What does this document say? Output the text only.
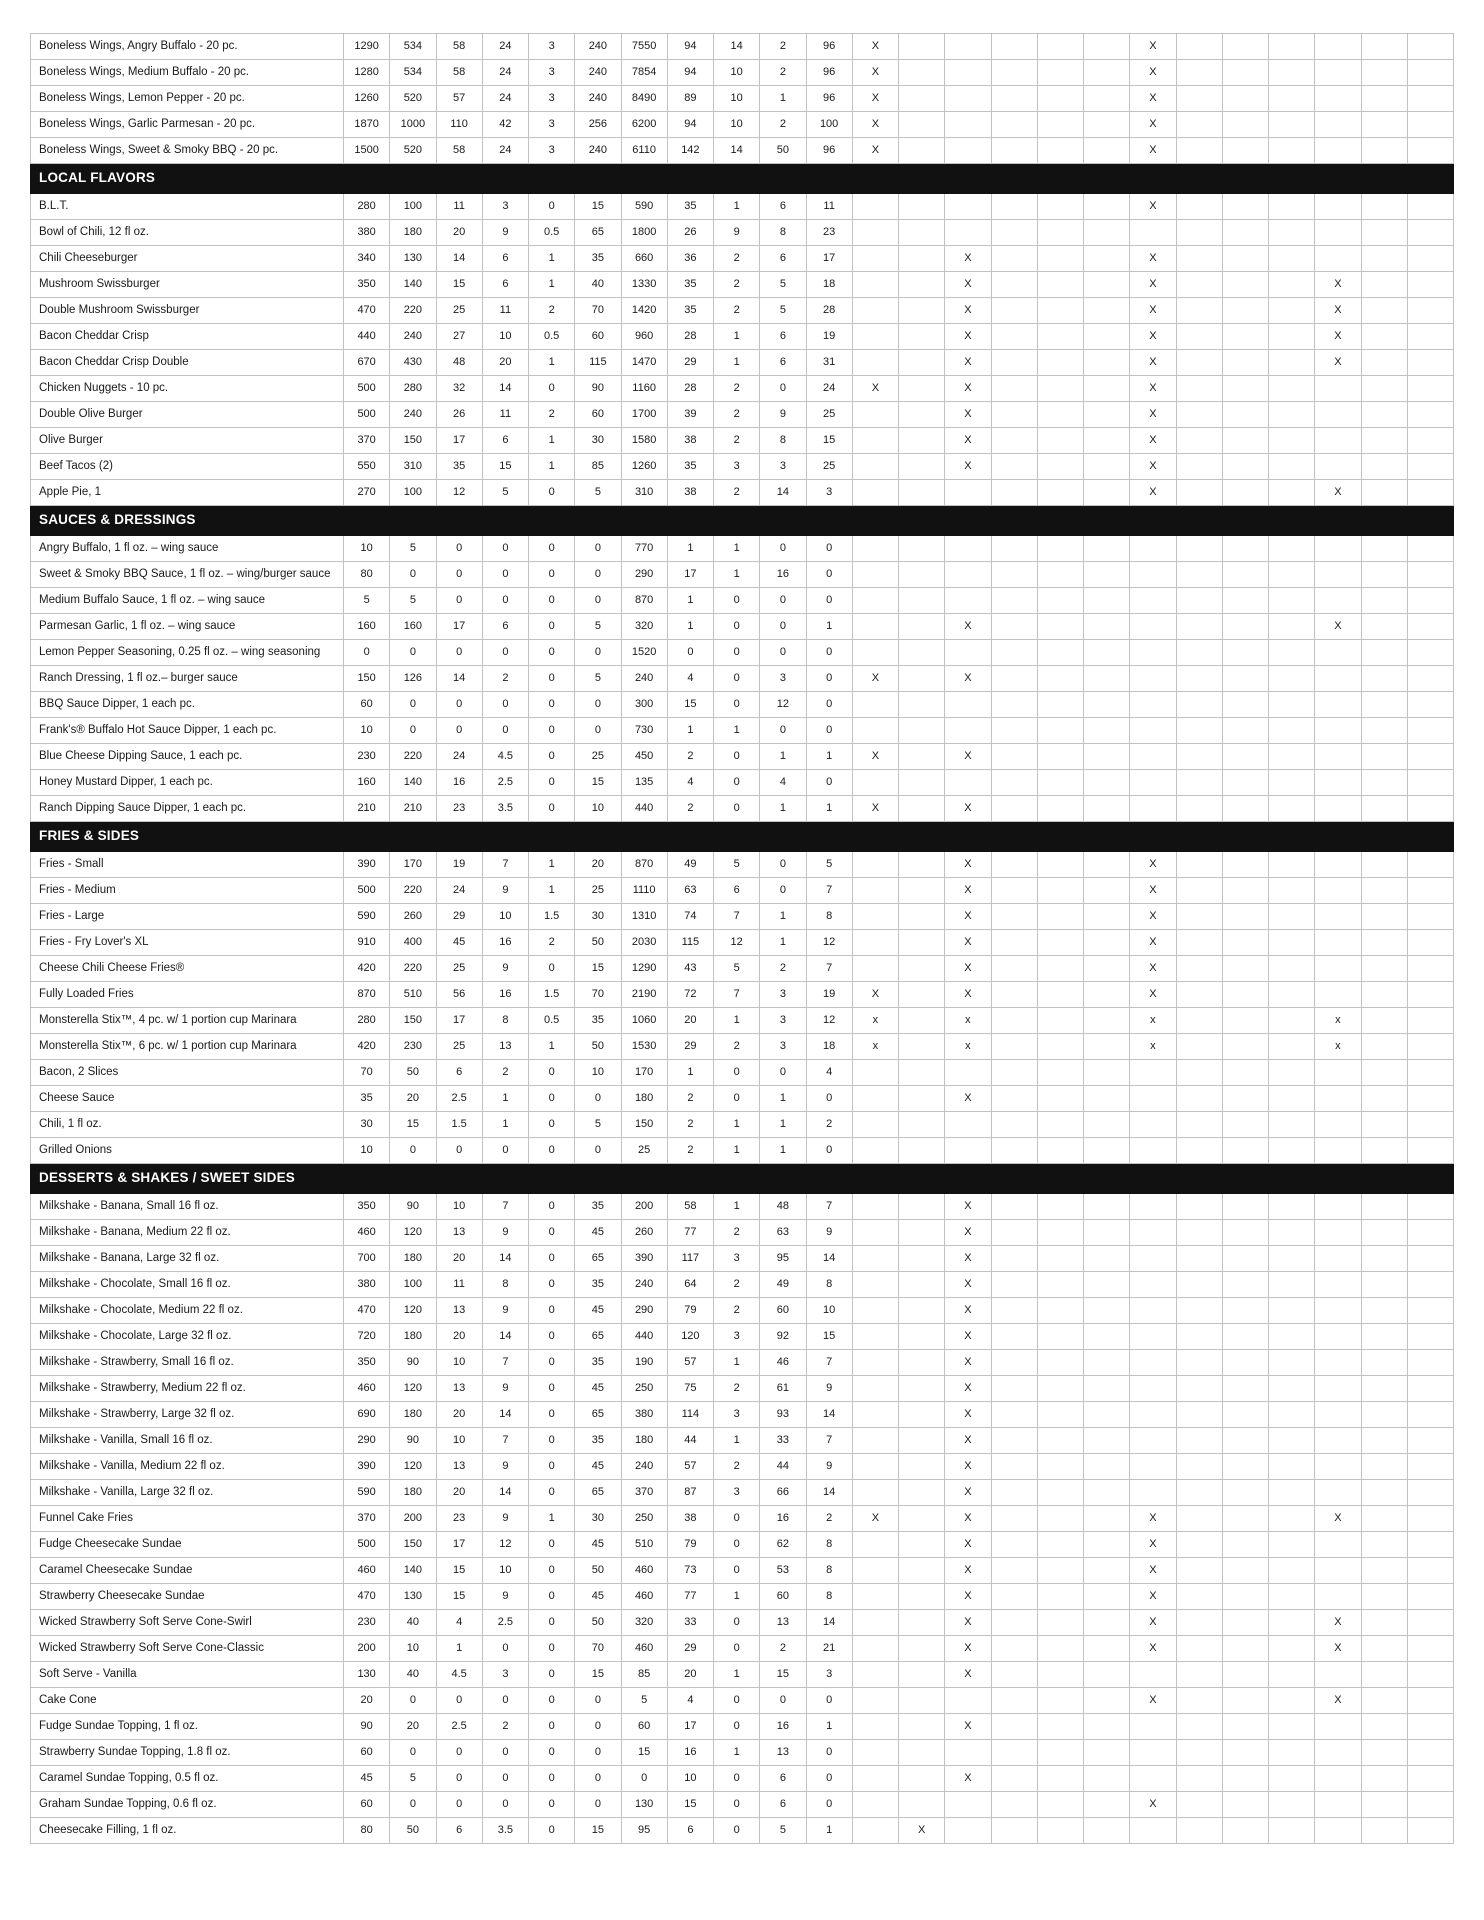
Boneless Wings, Angry Buffalo - 20 pc.	1290	534	58	24	3	240	7550	94	14	2	96	X						X						
Boneless Wings, Medium Buffalo - 20 pc.	1280	534	58	24	3	240	7854	94	10	2	96	X						X						
Boneless Wings, Lemon Pepper - 20 pc.	1260	520	57	24	3	240	8490	89	10	1	96	X						X						
Boneless Wings, Garlic Parmesan - 20 pc.	1870	1000	110	42	3	256	6200	94	10	2	100	X						X						
Boneless Wings, Sweet & Smoky BBQ - 20 pc.	1500	520	58	24	3	240	6110	142	14	50	96	X						X						
LOCAL FLAVORS																								
B.L.T.	280	100	11	3	0	15	590	35	1	6	11							X						
Bowl of Chili, 12 fl oz.	380	180	20	9	0.5	65	1800	26	9	8	23													
Chili Cheeseburger	340	130	14	6	1	35	660	36	2	6	17			X				X						
Mushroom Swissburger	350	140	15	6	1	40	1330	35	2	5	18			X				X				X		
Double Mushroom Swissburger	470	220	25	11	2	70	1420	35	2	5	28			X				X				X		
Bacon Cheddar Crisp	440	240	27	10	0.5	60	960	28	1	6	19			X				X				X		
Bacon Cheddar Crisp Double	670	430	48	20	1	115	1470	29	1	6	31			X				X				X		
Chicken Nuggets - 10 pc.	500	280	32	14	0	90	1160	28	2	0	24	X		X				X						
Double Olive Burger	500	240	26	11	2	60	1700	39	2	9	25			X				X						
Olive Burger	370	150	17	6	1	30	1580	38	2	8	15			X				X						
Beef Tacos (2)	550	310	35	15	1	85	1260	35	3	3	25			X				X						
Apple Pie, 1	270	100	12	5	0	5	310	38	2	14	3							X				X		
SAUCES & DRESSINGS																								
Angry Buffalo, 1 fl oz. – wing sauce	10	5	0	0	0	0	770	1	1	0	0													
Sweet & Smoky BBQ Sauce, 1 fl oz. – wing/burger sauce	80	0	0	0	0	0	290	17	1	16	0													
Medium Buffalo Sauce, 1 fl oz. – wing sauce	5	5	0	0	0	0	870	1	0	0	0													
Parmesan Garlic, 1 fl oz. – wing sauce	160	160	17	6	0	5	320	1	0	0	1			X								X		
Lemon Pepper Seasoning, 0.25 fl oz. – wing seasoning	0	0	0	0	0	0	1520	0	0	0	0													
Ranch Dressing, 1 fl oz.– burger sauce	150	126	14	2	0	5	240	4	0	3	0	X		X										
BBQ Sauce Dipper, 1 each pc.	60	0	0	0	0	0	300	15	0	12	0													
Frank's® Buffalo Hot Sauce Dipper, 1 each pc.	10	0	0	0	0	0	730	1	1	0	0													
Blue Cheese Dipping Sauce, 1 each pc.	230	220	24	4.5	0	25	450	2	0	1	1	X		X										
Honey Mustard Dipper, 1 each pc.	160	140	16	2.5	0	15	135	4	0	4	0													
Ranch Dipping Sauce Dipper, 1 each pc.	210	210	23	3.5	0	10	440	2	0	1	1	X		X										
FRIES & SIDES																								
Fries - Small	390	170	19	7	1	20	870	49	5	0	5			X				X						
Fries - Medium	500	220	24	9	1	25	1110	63	6	0	7			X				X						
Fries - Large	590	260	29	10	1.5	30	1310	74	7	1	8			X				X						
Fries - Fry Lover's XL	910	400	45	16	2	50	2030	115	12	1	12			X				X						
Cheese Chili Cheese Fries®	420	220	25	9	0	15	1290	43	5	2	7			X				X						
Fully Loaded Fries	870	510	56	16	1.5	70	2190	72	7	3	19	X		X				X						
Monsterella Stix™, 4 pc. w/ 1 portion cup Marinara	280	150	17	8	0.5	35	1060	20	1	3	12	x		x				x				x		
Monsterella Stix™, 6 pc. w/ 1 portion cup Marinara	420	230	25	13	1	50	1530	29	2	3	18	x		x				x				x		
Bacon, 2 Slices	70	50	6	2	0	10	170	1	0	0	4													
Cheese Sauce	35	20	2.5	1	0	0	180	2	0	1	0			X										
Chili, 1 fl oz.	30	15	1.5	1	0	5	150	2	1	1	2													
Grilled Onions	10	0	0	0	0	0	25	2	1	1	0													
DESSERTS & SHAKES / SWEET SIDES																								
Milkshake - Banana, Small 16 fl oz.	350	90	10	7	0	35	200	58	1	48	7			X										
Milkshake - Banana, Medium 22 fl oz.	460	120	13	9	0	45	260	77	2	63	9			X										
Milkshake - Banana, Large 32 fl oz.	700	180	20	14	0	65	390	117	3	95	14			X										
Milkshake - Chocolate, Small 16 fl oz.	380	100	11	8	0	35	240	64	2	49	8			X										
Milkshake - Chocolate, Medium 22 fl oz.	470	120	13	9	0	45	290	79	2	60	10			X										
Milkshake - Chocolate, Large 32 fl oz.	720	180	20	14	0	65	440	120	3	92	15			X										
Milkshake - Strawberry, Small 16 fl oz.	350	90	10	7	0	35	190	57	1	46	7			X										
Milkshake - Strawberry, Medium 22 fl oz.	460	120	13	9	0	45	250	75	2	61	9			X										
Milkshake - Strawberry, Large 32 fl oz.	690	180	20	14	0	65	380	114	3	93	14			X										
Milkshake - Vanilla, Small 16 fl oz.	290	90	10	7	0	35	180	44	1	33	7			X										
Milkshake - Vanilla, Medium 22 fl oz.	390	120	13	9	0	45	240	57	2	44	9			X										
Milkshake - Vanilla, Large 32 fl oz.	590	180	20	14	0	65	370	87	3	66	14			X										
Funnel Cake Fries	370	200	23	9	1	30	250	38	0	16	2	X		X				X				X		
Fudge Cheesecake Sundae	500	150	17	12	0	45	510	79	0	62	8			X				X						
Caramel Cheesecake Sundae	460	140	15	10	0	50	460	73	0	53	8			X				X						
Strawberry Cheesecake Sundae	470	130	15	9	0	45	460	77	1	60	8			X				X						
Wicked Strawberry Soft Serve Cone-Swirl	230	40	4	2.5	0	50	320	33	0	13	14			X				X				X		
Wicked Strawberry Soft Serve Cone-Classic	200	10	1	0	0	70	460	29	0	2	21			X				X				X		
Soft Serve - Vanilla	130	40	4.5	3	0	15	85	20	1	15	3			X										
Cake Cone	20	0	0	0	0	0	5	4	0	0	0							X				X		
Fudge Sundae Topping, 1 fl oz.	90	20	2.5	2	0	0	60	17	0	16	1			X										
Strawberry Sundae Topping, 1.8 fl oz.	60	0	0	0	0	0	15	16	1	13	0													
Caramel Sundae Topping, 0.5 fl oz.	45	5	0	0	0	0	0	10	0	6	0			X										
Graham Sundae Topping, 0.6 fl oz.	60	0	0	0	0	0	130	15	0	6	0							X						
Cheesecake Filling, 1 fl oz.	80	50	6	3.5	0	15	95	6	0	5	1		X											
